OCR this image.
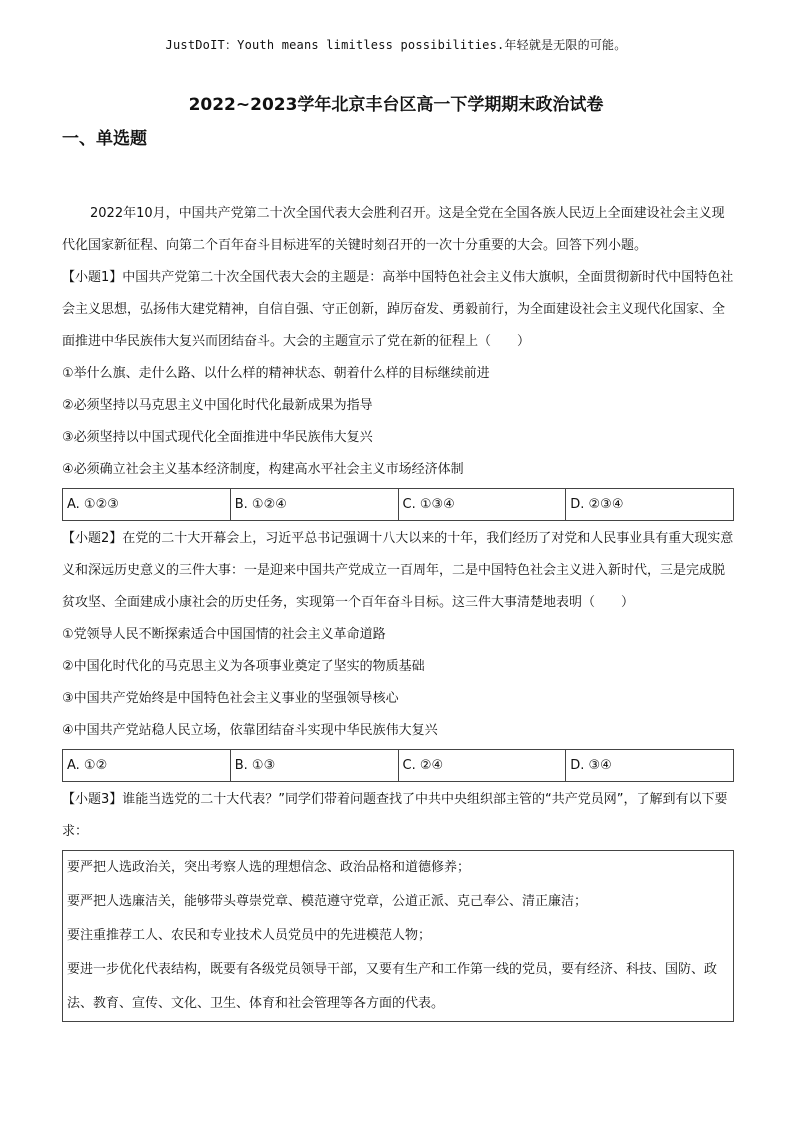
JustDoIT：Youth means limitless possibilities.年轻就是无限的可能。
2022~2023学年北京丰台区高一下学期期末政治试卷
一、单选题

2022年10月，中国共产党第二十次全国代表大会胜利召开。这是全党在全国各族人民迈上全面建设社会主义现代化国家新征程、向第二个百年奋斗目标进军的关键时刻召开的一次十分重要的大会。回答下列小题。

【小题1】中国共产党第二十次全国代表大会的主题是：高举中国特色社会主义伟大旗帜，全面贯彻新时代中国特色社会主义思想，弘扬伟大建党精神，自信自强、守正创新，踔厉奋发、勇毅前行，为全面建设社会主义现代化国家、全面推进中华民族伟大复兴而团结奋斗。大会的主题宣示了党在新的征程上（　　）

①举什么旗、走什么路、以什么样的精神状态、朝着什么样的目标继续前进

②必须坚持以马克思主义中国化时代化最新成果为指导

③必须坚持以中国式现代化全面推进中华民族伟大复兴

④必须确立社会主义基本经济制度，构建高水平社会主义市场经济体制

A. ①②③	B. ①②④	C. ①③④	D. ②③④

【小题2】在党的二十大开幕会上，习近平总书记强调十八大以来的十年，我们经历了对党和人民事业具有重大现实意义和深远历史意义的三件大事：一是迎来中国共产党成立一百周年，二是中国特色社会主义进入新时代，三是完成脱贫攻坚、全面建成小康社会的历史任务，实现第一个百年奋斗目标。这三件大事清楚地表明（　　）

①党领导人民不断探索适合中国国情的社会主义革命道路

②中国化时代化的马克思主义为各项事业奠定了坚实的物质基础

③中国共产党始终是中国特色社会主义事业的坚强领导核心

④中国共产党站稳人民立场，依靠团结奋斗实现中华民族伟大复兴

A. ①②	B. ①③	C. ②④	D. ③④

【小题3】谁能当选党的二十大代表？”同学们带着问题查找了中共中央组织部主管的“共产党员网”，了解到有以下要求：

要严把人选政治关，突出考察人选的理想信念、政治品格和道德修养；

要严把人选廉洁关，能够带头尊崇党章、模范遵守党章，公道正派、克己奉公、清正廉洁；

要注重推荐工人、农民和专业技术人员党员中的先进模范人物；

要进一步优化代表结构，既要有各级党员领导干部，又要有生产和工作第一线的党员，要有经济、科技、国防、政法、教育、宣传、文化、卫生、体育和社会管理等各方面的代表。
